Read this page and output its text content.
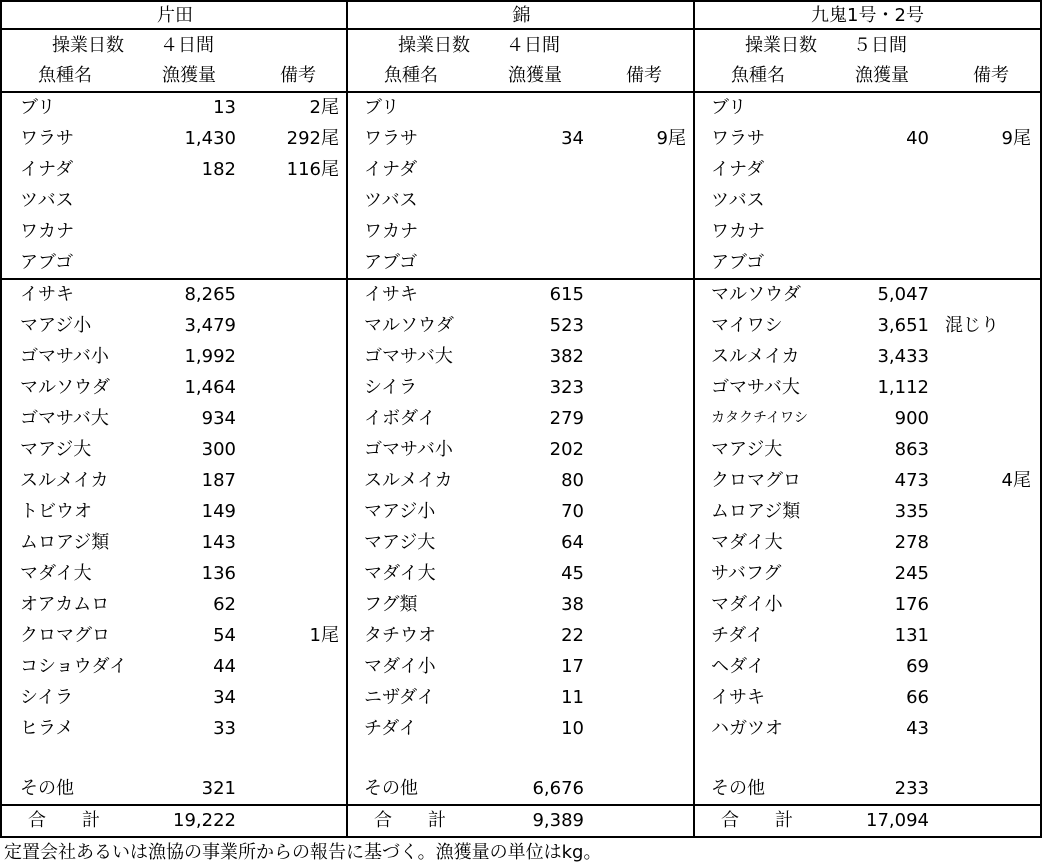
片田
操業日数 ４日間
魚種名	漁獲量	備考
ブリ	13	2尾
ワラサ	1,430	292尾
イナダ	182	116尾
ツバス
ワカナ
アブゴ
イサキ	8,265
マアジ小	3,479
ゴマサバ小	1,992
マルソウダ	1,464
ゴマサバ大	934
マアジ大	300
スルメイカ	187
トビウオ	149
ムロアジ類	143
マダイ大	136
オアカムロ	62
クロマグロ	54	1尾
コショウダイ	44
シイラ	34
ヒラメ	33
その他	321
合　　計	19,222
錦
操業日数 ４日間
魚種名	漁獲量	備考
ブリ
ワラサ	34	9尾
イナダ
ツバス
ワカナ
アブゴ
イサキ	615
マルソウダ	523
ゴマサバ大	382
シイラ	323
イボダイ	279
ゴマサバ小	202
スルメイカ	80
マアジ小	70
マアジ大	64
マダイ大	45
フグ類	38
タチウオ	22
マダイ小	17
ニザダイ	11
チダイ	10
その他	6,676
合　　計	9,389
九鬼1号・2号
操業日数 ５日間
魚種名	漁獲量	備考
ブリ
ワラサ	40	9尾
イナダ
ツバス
ワカナ
アブゴ
マルソウダ	5,047
マイワシ	3,651 混じり
スルメイカ	3,433
ゴマサバ大	1,112
カタクチイワシ	900
マアジ大	863
クロマグロ	473	4尾
ムロアジ類	335
マダイ大	278
サバフグ	245
マダイ小	176
チダイ	131
ヘダイ	69
イサキ	66
ハガツオ	43
その他	233
合　　計	17,094
定置会社あるいは漁協の事業所からの報告に基づく。漁獲量の単位はkg。
